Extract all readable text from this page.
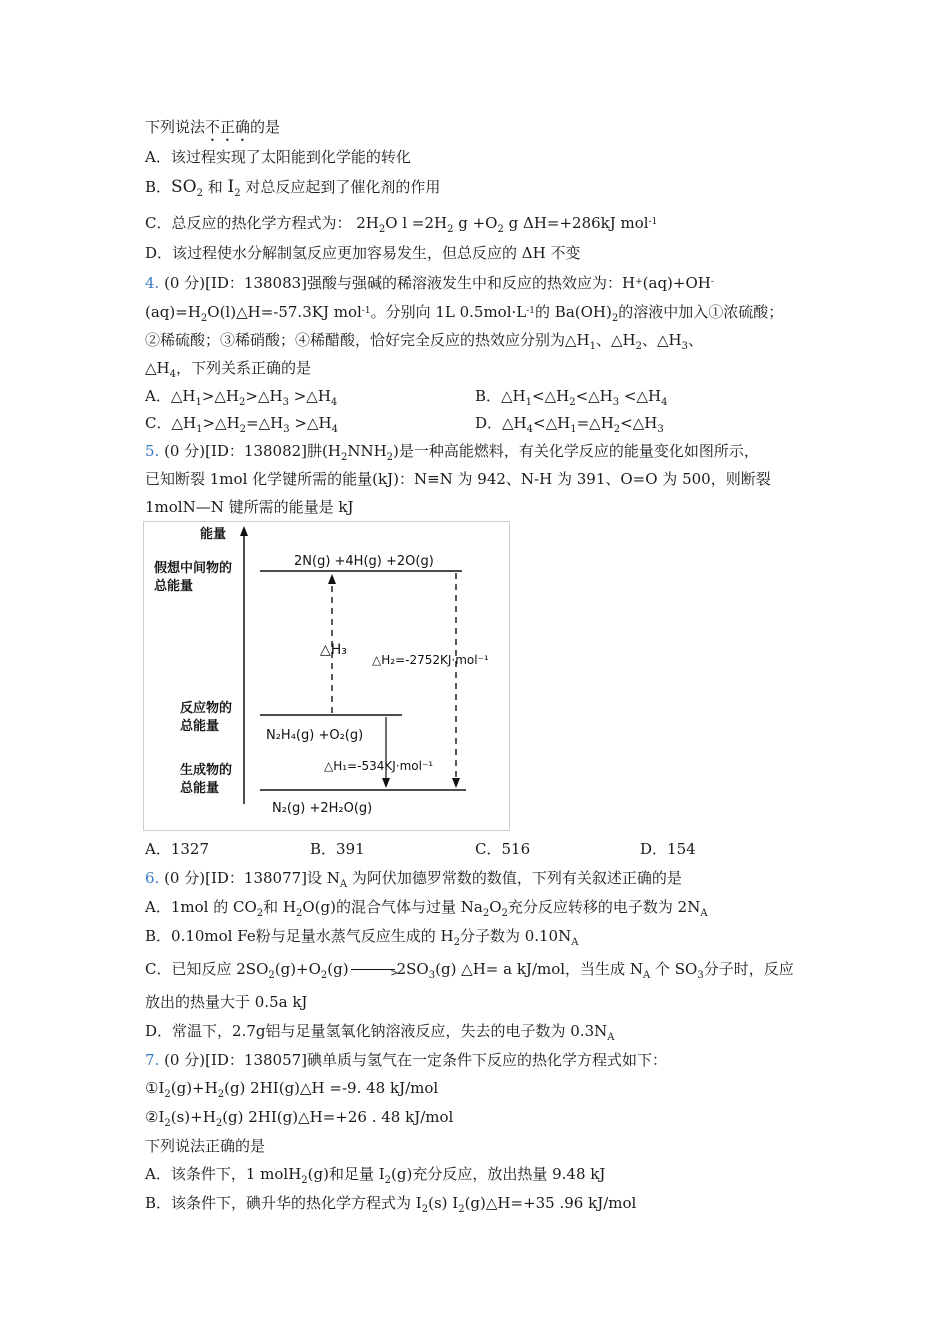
下列说法不正确的是
A．该过程实现了太阳能到化学能的转化
B．$SO_2$ 和 $I_2$ 对总反应起到了催化剂的作用
C．总反应的热化学方程式为： $2H_2O$ $l =2H_2$ $g +O_2$ g ΔH=+286kJ mol$^{-1}$
D．该过程使水分解制氢反应更加容易发生，但总反应的 ΔH 不变
4. (0 分)[ID：138083]强酸与强碱的稀溶液发生中和反应的热效应为：H+(aq)+OH-
$(aq)=H_2O(l)\triangle H=-57.3KJ$ mol$^{-1}$。分别向 1L $0.5mol\cdot L^{-1}$的 $Ba(OH)_2$的溶液中加入①浓硫酸；
②稀硫酸；③稀硝酸；④稀醋酸，恰好完全反应的热效应分别为$\triangle H_1$、$\triangle H_2$、$\triangle H_3$、
$\triangle H_4$，下列关系正确的是
A．$\triangle H_1>\triangle H_2>\triangle H_3$ $>\triangle H_4$	B．$\triangle H_1<\triangle H_2<\triangle H_3$ $<\triangle H_4$
C．$\triangle H_1>\triangle H_2=\triangle H_3$ $>\triangle H_4$	D．$\triangle H_4<\triangle H_1=\triangle H_2<\triangle H_3$
5. (0 分)[ID：138082]肼$(H_2NNH_2)$是一种高能燃料，有关化学反应的能量变化如图所示，
已知断裂 1mol 化学键所需的能量(kJ)：N≡N 为 942、N-H 为 391、O=O 为 500，则断裂
1molN—N 键所需的能量是 kJ
能量
假想中间物的
总能量
反应物的
总能量
生成物的
总能量
2N(g) +4H(g) +2O(g)
N₂H₄(g) +O₂(g)
N₂(g) +2H₂O(g)
△H₃
△H₂=-2752KJ·mol⁻¹
△H₁=-534KJ·mol⁻¹
A．1327	B．391	C．516	D．154
6. (0 分)[ID：138077]设 $N_A$ 为阿伏加德罗常数的数值，下列有关叙述正确的是
A．1mol 的 $CO_2$和 $H_2O(g)$的混合气体与过量 $Na_2O_2$充分反应转移的电子数为 $2N_A$
B．0.10mol Fe粉与足量水蒸气反应生成的 $H_2$分子数为 $0.10N_A$
C．已知反应 $2SO_2(g)+O_2(g)$	>
$2SO_3(g)$ △H= a kJ/mol，当生成 $N_A$ 个 $SO_3$分子时，反应
放出的热量大于 0.5a kJ
D．常温下，2.7g铝与足量氢氧化钠溶液反应，失去的电子数为 $0.3N_A$
7. (0 分)[ID：138057]碘单质与氢气在一定条件下反应的热化学方程式如下：
$①I_2(g)+H_2(g)$ 2HI(g)△H =-9. 48 kJ/mol
$②I_2(s)+H_2(g)$ 2HI(g)△H=+26 . 48 kJ/mol
下列说法正确的是
A．该条件下，1 molH$_2$(g)和足量 $I_2(g)$充分反应，放出热量 9.48 kJ
B．该条件下，碘升华的热化学方程式为 $I_2(s)$ $I_2(g)\triangle H=+35$ .96 kJ/mol
